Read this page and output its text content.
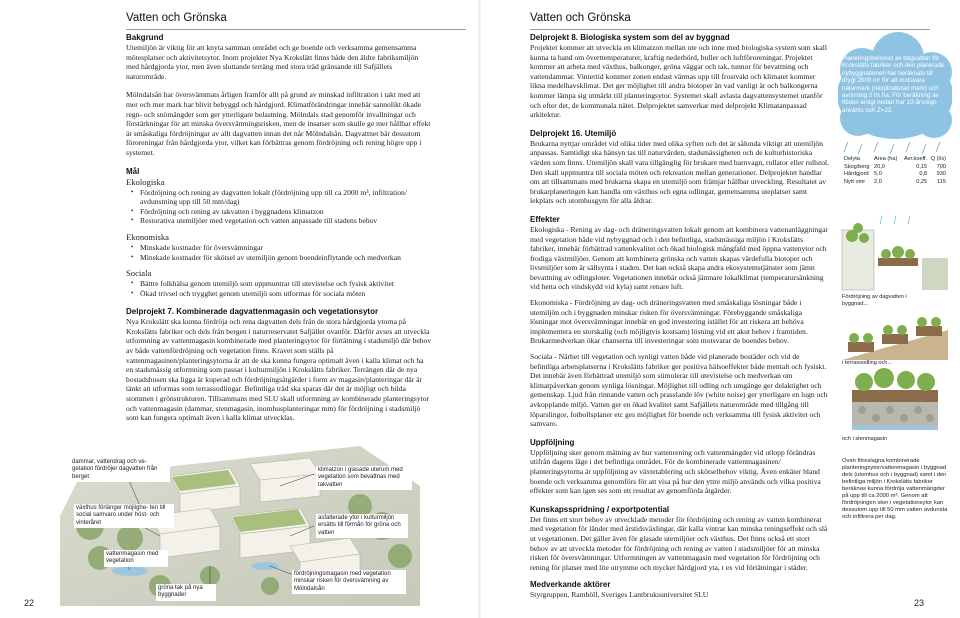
Vatten och Grönska
Bakgrund

Utemiljön är viktig för att knyta samman området och ge boende och verksamma gemensamma mötesplatser och aktivitetsytor. Inom projektet Nya Krokslätt finns både den äldre fabriksmiljön med hårdgjorda ytor, men även sluttande terräng med stora träd gränsande till Safjällets naturområde.

Mölndalsån har översvämmats årligen framför allt på grund av minskad infiltration i takt med att mer och mer mark har blivit bebyggd och hårdgjord. Klimatförändringar innebär sannolikt ökade regn- och snömängder som ger ytterligare belastning. Mölndals stad genomför invallningar och förstärkningar för att minska översvämningsrisken, men de insatser som skulle ge mer hållbar effekt är småskaliga fördröjningar av allt dagvatten innan det når Mölndalsån. Dagvattnet bär dessutom föroreningar från hårdgjorda ytor, vilket kan förbättras genom fördröjning och rening högre upp i systemet.

Mål
Ekologiska
• Fördröjning och rening av dagvatten lokalt (fördröjning upp till ca 2000 m³, infiltration/ avdunstning upp till 50 mm/dag)
• Fördröjning och rening av takvatten i byggnadens klimatzon
• Restorativa utemiljöer med vegetation och vatten anpassade till stadens behov
Ekonomiska
• Minskade kostnader för översvämningar
• Minskade kostnader för skötsel av utemiljön genom boendeinflytande och medverkan
Sociala
• Bättre folkhälsa genom utemiljö som uppmuntrar till utevistelse och fysisk aktivitet
• Ökad trivsel och trygghet genom utemiljö som utformas för sociala möten
Delprojekt 7. Kombinerade dagvattenmagasin och vegetationsytor

Nya Krokslätt ska kunna fördröja och rena dagvatten dels från de stora hårdgjorda ytorna på Krokslätts fabriker och dels från bergen i naturreservatet Safjället ovanför. Därför avses att utveckla utformning av vattenmagasin kombinerade med planteringsytor för förtätning i stadsmiljö där behov av både vattenfördröjning och vegetation finns. Kravet som ställs på vattenmagasinen/planteringsytorna är att de ska kunna fungera optimalt även i kalla klimat och ha en stadsmässig utformning som passar i kulturmiljön i Krokslätts fabriker. Terrängen där de nya bostadshusen ska ligga är kuperad och fördröjningsåtgärder i form av magasin/planteringar där är tänkt att utformas som terrassodlingar. Befintliga träd ska sparas där det är möjligt och bilda stommen i grönstrukturen. Tillsammans med SLU skall utformning av kombinerade planteringsytor och vattenmagasin (dammar, stenmagasin, inomhusplanteringar mm) för fördröjning i stadsmiljö som kan fungera optimalt även i kalla klimat utvecklas.

dammar, vattendrag och ve- getation fördröjer dagvatten från berget
växthus förlänger möjlighe- ten till social samvaro under höst- och vinteråret
vattenmagasin med vegetation
gröna tak på nya byggnader
klimatzon i glasade uterum med vegetation som bevattnas med takvatten
asfalterade ytor i kulturmiljön ersätts till förmån för gröna och vatten
fördröjningsmagasin med vegetation minskar risken för översvämning av Mölndalsån
22
Vatten och Grönska
Delprojekt 8. Biologiska system som del av byggnad

Projektet kommer att utveckla en klimatzon mellan ute och inne med biologiska system som skall kunna ta hand om överttemperaturer, kraftig nederbörd, buller och luftföroreningar. Projektet kommer att arbeta med växthus, balkonger, gröna väggar och tak, tunnor för bevattning och vattendammar. Vintertid kommer zonen endast värmas upp till frostvakt och klimatet kommer likna medelhavsklimat. Det ger möjlighet till andra biotoper än vad vanligt är och balkongerna kommer lämpa sig utmärkt till planteringsytor. Systemet skall avlasta dagvattensystemet utanför och efter det, de kommunala nätet. Delprojektet samverkar med delprojekt Klimatanpassad arkitektur.

Delprojekt 16. Utemiljö

Brukarna nyttjar området vid olika tider med olika syften och det är sålunda viktigt att utemiljön anpassas. Samtidigt ska hänsyn tas till naturvärden, stadsmässigheten och de kulturhistoriska värden som finns. Utemiljön skall vara tillgänglig för brukare med barnvagn, rullator eller rullstol. Den skall uppmuntra till sociala möten och rekreation mellan generationer. Delprojektet handlar om att tillsammans med brukarna skapa en utemiljö som främjar hållbar utveckling. Resultatet av brukarplaneringen kan handla om växthus och egna odlingar, gemensamma uteplatser samt lekplats och utomhusgym för alla åldrar.

Effekter

Ekologiska - Rening av dag- och dräneringsvatten lokalt genom att kombinera vattenanläggningar med vegetation både vid nybyggnad och i den befintliga, stadsmässiga miljön i Krokslätts fabriker, innebär förbättrad vattenkvalitet och ökad biologisk mångfald med öppna vattenytor och frodiga växtmiljöer. Genom att kombinera grönska och vatten skapas värdefulla biotoper och livsmiljöer som är sällsynta i staden. Det kan också skapa andra ekosystemstjänster som jämn bevattning av odlingsloter. Vegetationen innebär också jämnare lokalklimat (temperatursänkning vid hetta och vindskydd vid kyla) samt renare luft.

Ekonomiska - Fördröjning av dag- och dräneringsvatten med småskaliga lösningar både i utemiljön och i byggnaden minskar risken för översvämningar. Förebyggande småskaliga lösningar mot översvämningar innebär en god investering istället för att riskera att behöva implementera en storskalig (och möjligtvis kostsam) lösning vid ett akut behov i framtiden. Brukarmedverkan ökar chanserna till investeringar som motsvarar de boendes behov.

Sociala - Närhet till vegetation och synligt vatten både vid planerade bostäder och vid de befintliga arbetsplatserna i Krokslätts fabriker ger positiva hälsoeffekter både mentalt och fysiskt. Det innebär även förbättrad utemiljö som stimulerar till utevistelse och medverkan om klimatpåverkan genom synliga lösningar. Möjlighet till odling och umgänge ger delaktighet och gemenskap. Ljud från rinnande vatten och prasslande löv (white noise) ger ytterligare en lugn och avkopplande miljö. Vatten ger en ökad kvalitet samt Safjällets naturområde med tillgång till löparslingor, fotbollsplaner etc ges möjlighet för boende och verksamma till fysisk aktivitet och samvaro.

Uppföljning

Uppföljning sker genom mätning av hur vattenrening och vattenmängder vid utlopp förändras utifrån dagens läge i det befintliga området. För de kombinerade vattenmagasinen/ planteringsytorna är uppföljning av växtetablering och skötselbehov viktig. Även enkäter bland boende och verksamma genomförs för att visa på hur den yttre miljö används och vilka positiva effekter som kan igen ses som ett resultat av genomförda åtgärder.

Kunskapsspridning / exportpotential

Det finns ett stort behov av utvecklade metoder för fördröjning och rening av vatten kombinerat med vegetation för länder med årstidsväxlingar, där kalla vintrar kan minska reningseffekt och slå ut vegetationen. Det gäller även för glasade utemiljöer och växthus. Det finns också ett stort behov av att utveckla metoder för fördröjning och rening av vatten i stadsmiljöer för att minska risken för översvämningar. Utformningen av vattenmagasin med vegetation för fördröjning och rening för platser med lite utrymme och mycket hårdgjord yta, t ex vid förtätningar i städer.

Medverkande aktörer

Styrgruppen, Ramböll, Sveriges Lantbruksuniversitet SLU

23
Planeringsbehovet av dagvatten för Krokslätts fabriker och den planerade nybyggnationen har beräknats till drygt 2000 m³ för att motsvara naturmark (oexploaterad mark) och avrinning 2 l/s ha. För beräkning av flöden enligt nedan har 10-årsregn använts och Z=22.
Delyta	Area (ha)	Avr.koeff.	Q (l/s)
Skog/berg	20,0	0,15	700
Hårdgjord	5,0	0,8	930
Nytt omr	2,0	0,25	115
Fördröjning av dagvatten i byggnad...
i terrassodling och...
och i stenmagasin
Ovan föreslagna kombinerade planteringsytor/vattenmagasin i byggnad dels (utomhus och i byggnad) samt i den befintliga miljön i Krokslätts fabriker beräknas kunna fördröja vattenmängder på upp till ca 2000 m³. Genom att fördröjningen sker i vegetationsytor kan dessutom upp till 50 mm vatten avdunsta och infiltrera per dag.
